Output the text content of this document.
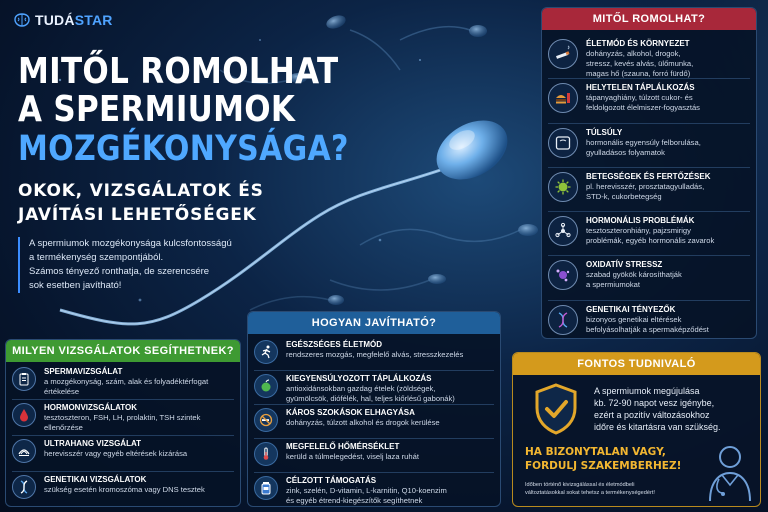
TUDÁSTAR
MITŐL ROMOLHAT
A SPERMIUMOK
MOZGÉKONYSÁGA?
OKOK, VIZSGÁLATOK ÉS
JAVÍTÁSI LEHETŐSÉGEK

A spermiumok mozgékonysága kulcsfontosságú

a termékenység szempontjából.

Számos tényező ronthatja, de szerencsére

sok esetben javítható!

MITŐL ROMOLHAT?
ÉLETMÓD ÉS KÖRNYEZET
dohányzás, alkohol, drogok,
stressz, kevés alvás, ülőmunka,
magas hő (szauna, forró fürdő)
HELYTELEN TÁPLÁLKOZÁS
tápanyaghiány, túlzott cukor- és
feldolgozott élelmiszer-fogyasztás
TÚLSÚLY
hormonális egyensúly felborulása,
gyulladásos folyamatok
BETEGSÉGEK ÉS FERTŐZÉSEK
pl. herevisszér, prosztatagyulladás,
STD-k, cukorbetegség
HORMONÁLIS PROBLÉMÁK
tesztoszteronhiány, pajzsmirigy
problémák, egyéb hormonális zavarok
OXIDATÍV STRESSZ
szabad gyökök károsíthatják
a spermiumokat
GENETIKAI TÉNYEZŐK
bizonyos genetikai eltérések
befolyásolhatják a spermaképződést
HOGYAN JAVÍTHATÓ?
EGÉSZSÉGES ÉLETMÓD
rendszeres mozgás, megfelelő alvás, stresszkezelés
KIEGYENSÚLYOZOTT TÁPLÁLKOZÁS
antioxidánsokban gazdag ételek (zöldségek,
gyümölcsök, diófélék, hal, teljes kiőrlésű gabonák)
KÁROS SZOKÁSOK ELHAGYÁSA
dohányzás, túlzott alkohol és drogok kerülése
MEGFELELŐ HŐMÉRSÉKLET
kerüld a túlmelegedést, viselj laza ruhát
CÉLZOTT TÁMOGATÁS
zink, szelén, D-vitamin, L-karnitin, Q10-koenzim
és egyéb étrend-kiegészítők segíthetnek
MILYEN VIZSGÁLATOK SEGÍTHETNEK?
SPERMAVIZSGÁLAT
a mozgékonyság, szám, alak és folyadéktérfogat
értékelése
HORMONVIZSGÁLATOK
tesztoszteron, FSH, LH, prolaktin, TSH szintek
ellenőrzése
ULTRAHANG VIZSGÁLAT
herevisszér vagy egyéb eltérések kizárása
GENETIKAI VIZSGÁLATOK
szükség esetén kromoszóma vagy DNS tesztek
FONTOS TUDNIVALÓ
A spermiumok megújulása
kb. 72-90 napot vesz igénybe,
ezért a pozitív változásokhoz
időre és kitartásra van szükség.
HA BIZONYTALAN VAGY,
FORDULJ SZAKEMBERHEZ!
Időben történő kivizsgálással és életmódbeli
változtatásokkal sokat tehetsz a termékenységedért!
